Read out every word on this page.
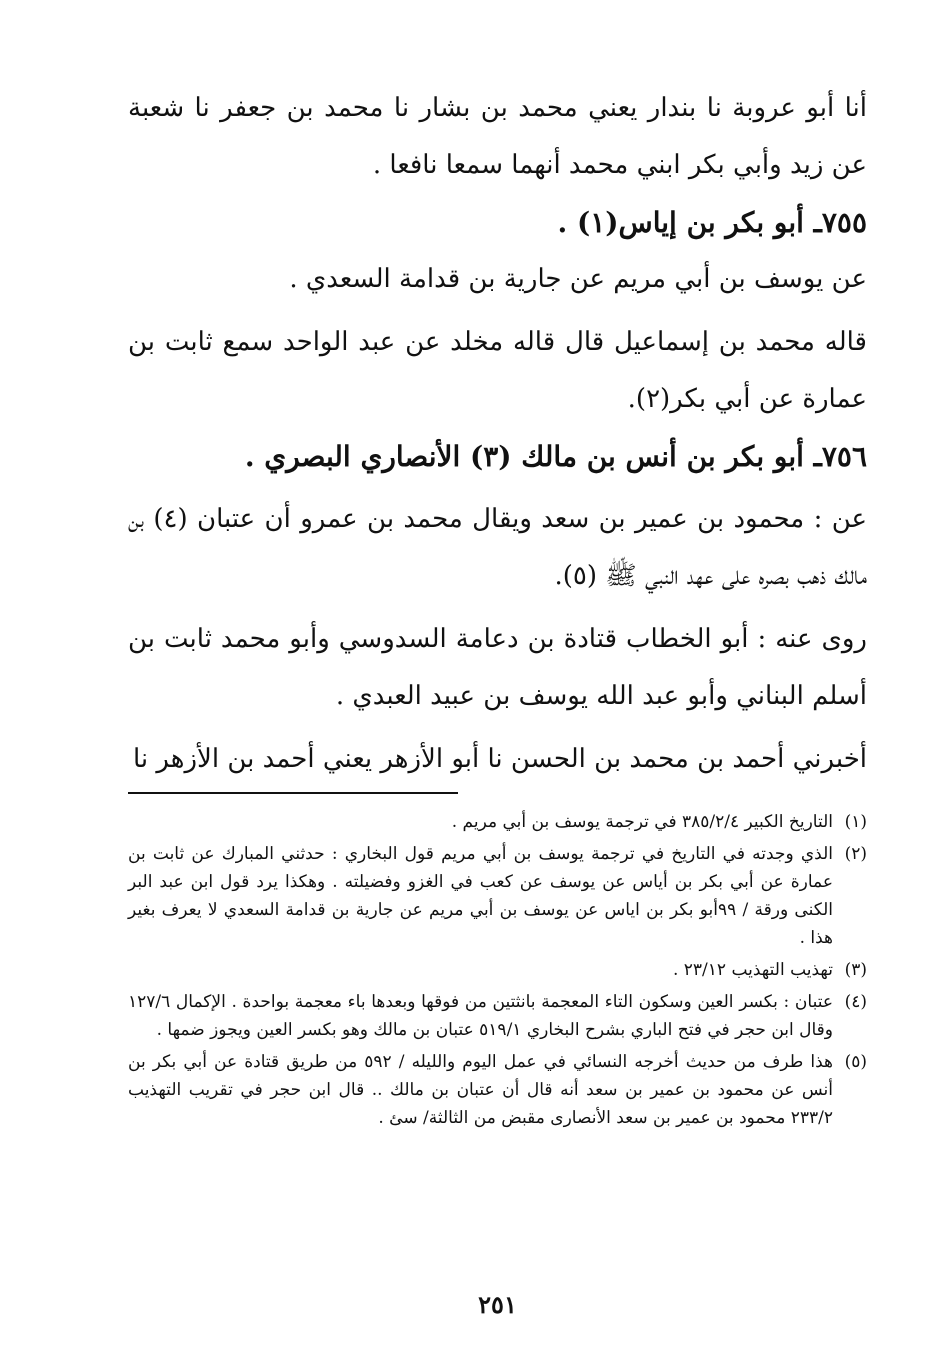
أنا أبو عروبة نا بندار يعني محمد بن بشار نا محمد بن جعفر نا شعبة عن زيد وأبي بكر ابني محمد أنهما سمعا نافعا .

٧٥٥ـ أبو بكر بن إياس(١) .

عن يوسف بن أبي مريم عن جارية بن قدامة السعدي .

قاله محمد بن إسماعيل قال قاله مخلد عن عبد الواحد سمع ثابت بن عمارة عن أبي بكر(٢).

٧٥٦ـ أبو بكر بن أنس بن مالك (٣) الأنصاري البصري .

عن : محمود بن عمير بن سعد ويقال محمد بن عمرو أن عتبان (٤) بن مالك ذهب بصره على عهد النبي ﷺ (٥).

روى عنه : أبو الخطاب قتادة بن دعامة السدوسي وأبو محمد ثابت بن أسلم البناني وأبو عبد الله يوسف بن عبيد العبدي .

أخبرني أحمد بن محمد بن الحسن نا أبو الأزهر يعني أحمد بن الأزهر نا

(١)
التاريخ الكبير ٣٨٥/٢/٤ في ترجمة يوسف بن أبي مريم .
(٢)
الذي وجدته في التاريخ في ترجمة يوسف بن أبي مريم قول البخاري : حدثني المبارك عن ثابت بن عمارة عن أبي بكر بن أياس عن يوسف عن كعب في الغزو وفضيلته . وهكذا يرد قول ابن عبد البر الكنى ورقة / ٩٩أبو بكر بن اياس عن يوسف بن أبي مريم عن جارية بن قدامة السعدي لا يعرف بغير هذا .
(٣)
تهذيب التهذيب ٢٣/١٢ .
(٤)
عتبان : بكسر العين وسكون التاء المعجمة بانثتين من فوقها وبعدها باء معجمة بواحدة . الإكمال ١٢٧/٦ وقال ابن حجر في فتح الباري بشرح البخاري ٥١٩/١ عتبان بن مالك وهو بكسر العين ويجوز ضمها .
(٥)
هذا طرف من حديث أخرجه النسائي في عمل اليوم والليله / ٥٩٢ من طريق قتادة عن أبي بكر بن أنس عن محمود بن عمير بن سعد أنه قال أن عتبان بن مالك .. قال ابن حجر في تقريب التهذيب ٢٣٣/٢ محمود بن عمير بن سعد الأنصارى مقبض من الثالثة/ سئ .
٢٥١
